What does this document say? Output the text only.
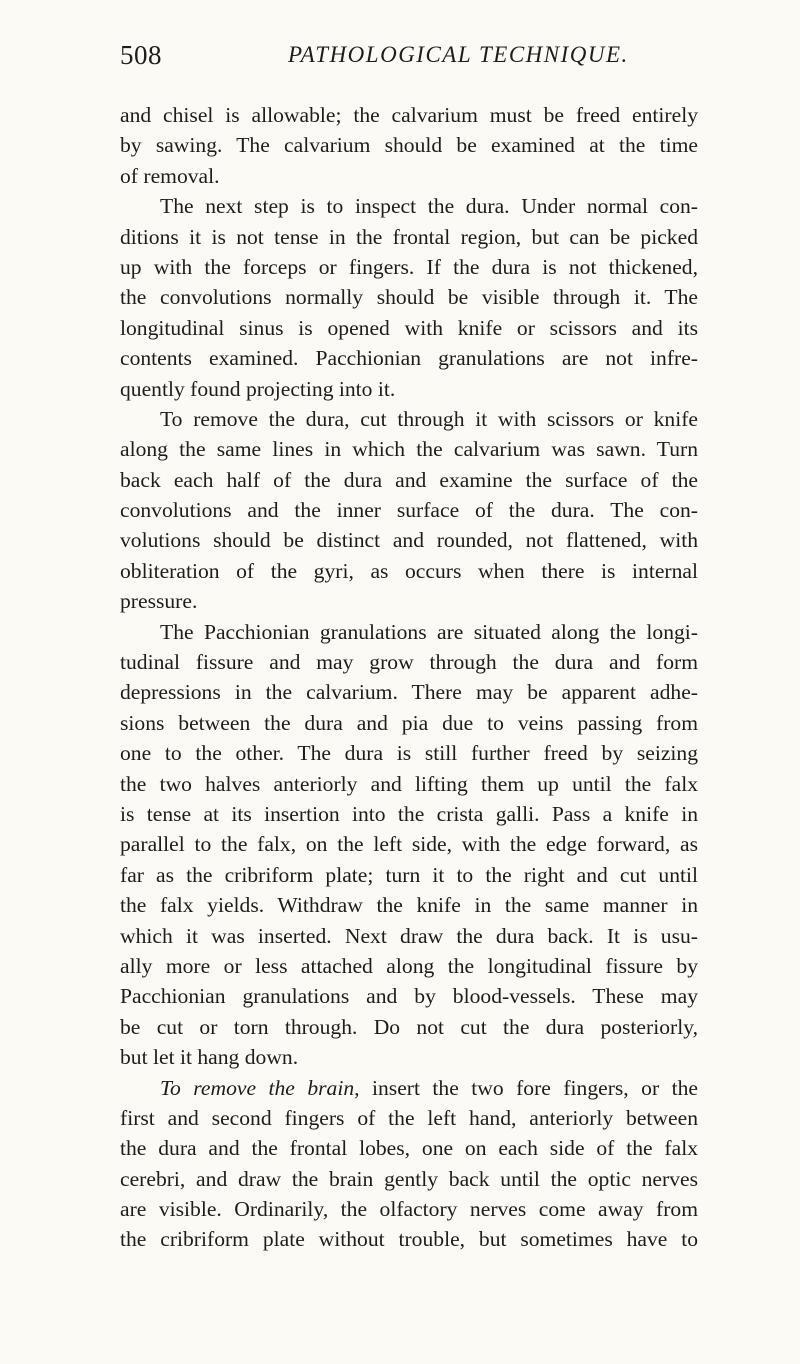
508	PATHOLOGICAL TECHNIQUE.
and chisel is allowable; the calvarium must be freed entirely
by sawing. The calvarium should be examined at the time
of removal.
The next step is to inspect the dura. Under normal con-
ditions it is not tense in the frontal region, but can be picked
up with the forceps or fingers. If the dura is not thickened,
the convolutions normally should be visible through it. The
longitudinal sinus is opened with knife or scissors and its
contents examined. Pacchionian granulations are not infre-
quently found projecting into it.
To remove the dura, cut through it with scissors or knife
along the same lines in which the calvarium was sawn. Turn
back each half of the dura and examine the surface of the
convolutions and the inner surface of the dura. The con-
volutions should be distinct and rounded, not flattened, with
obliteration of the gyri, as occurs when there is internal
pressure.
The Pacchionian granulations are situated along the longi-
tudinal fissure and may grow through the dura and form
depressions in the calvarium. There may be apparent adhe-
sions between the dura and pia due to veins passing from
one to the other. The dura is still further freed by seizing
the two halves anteriorly and lifting them up until the falx
is tense at its insertion into the crista galli. Pass a knife in
parallel to the falx, on the left side, with the edge forward, as
far as the cribriform plate; turn it to the right and cut until
the falx yields. Withdraw the knife in the same manner in
which it was inserted. Next draw the dura back. It is usu-
ally more or less attached along the longitudinal fissure by
Pacchionian granulations and by blood-vessels. These may
be cut or torn through. Do not cut the dura posteriorly,
but let it hang down.
To remove the brain, insert the two fore fingers, or the
first and second fingers of the left hand, anteriorly between
the dura and the frontal lobes, one on each side of the falx
cerebri, and draw the brain gently back until the optic nerves
are visible. Ordinarily, the olfactory nerves come away from
the cribriform plate without trouble, but sometimes have to
